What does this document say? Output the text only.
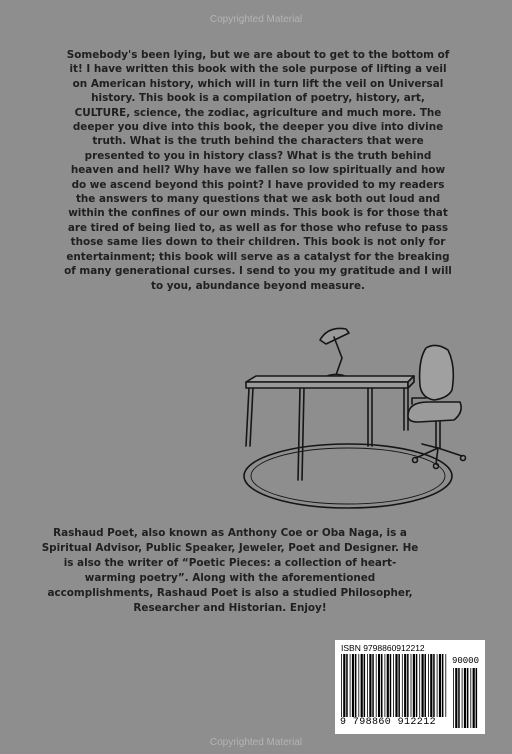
Copyrighted Material

Somebody's been lying, but we are about to get to the bottom of it! I have written this book with the sole purpose of lifting a veil on American history, which will in turn lift the veil on Universal history. This book is a compilation of poetry, history, art, CULTURE, science, the zodiac, agriculture and much more. The deeper you dive into this book, the deeper you dive into divine truth. What is the truth behind the characters that were presented to you in history class? What is the truth behind heaven and hell? Why have we fallen so low spiritually and how do we ascend beyond this point? I have provided to my readers the answers to many questions that we ask both out loud and within the confines of our own minds. This book is for those that are tired of being lied to, as well as for those who refuse to pass those same lies down to their children. This book is not only for entertainment; this book will serve as a catalyst for the breaking of many generational curses. I send to you my gratitude and I will to you, abundance beyond measure.

Rashaud Poet, also known as Anthony Coe or Oba Naga, is a Spiritual Advisor, Public Speaker, Jeweler, Poet and Designer. He is also the writer of “Poetic Pieces: a collection of heart-warming poetry”. Along with the aforementioned accomplishments, Rashaud Poet is also a studied Philosopher, Researcher and Historian. Enjoy!

ISBN 9798860912212
90000
9 798860 912212
Copyrighted Material
